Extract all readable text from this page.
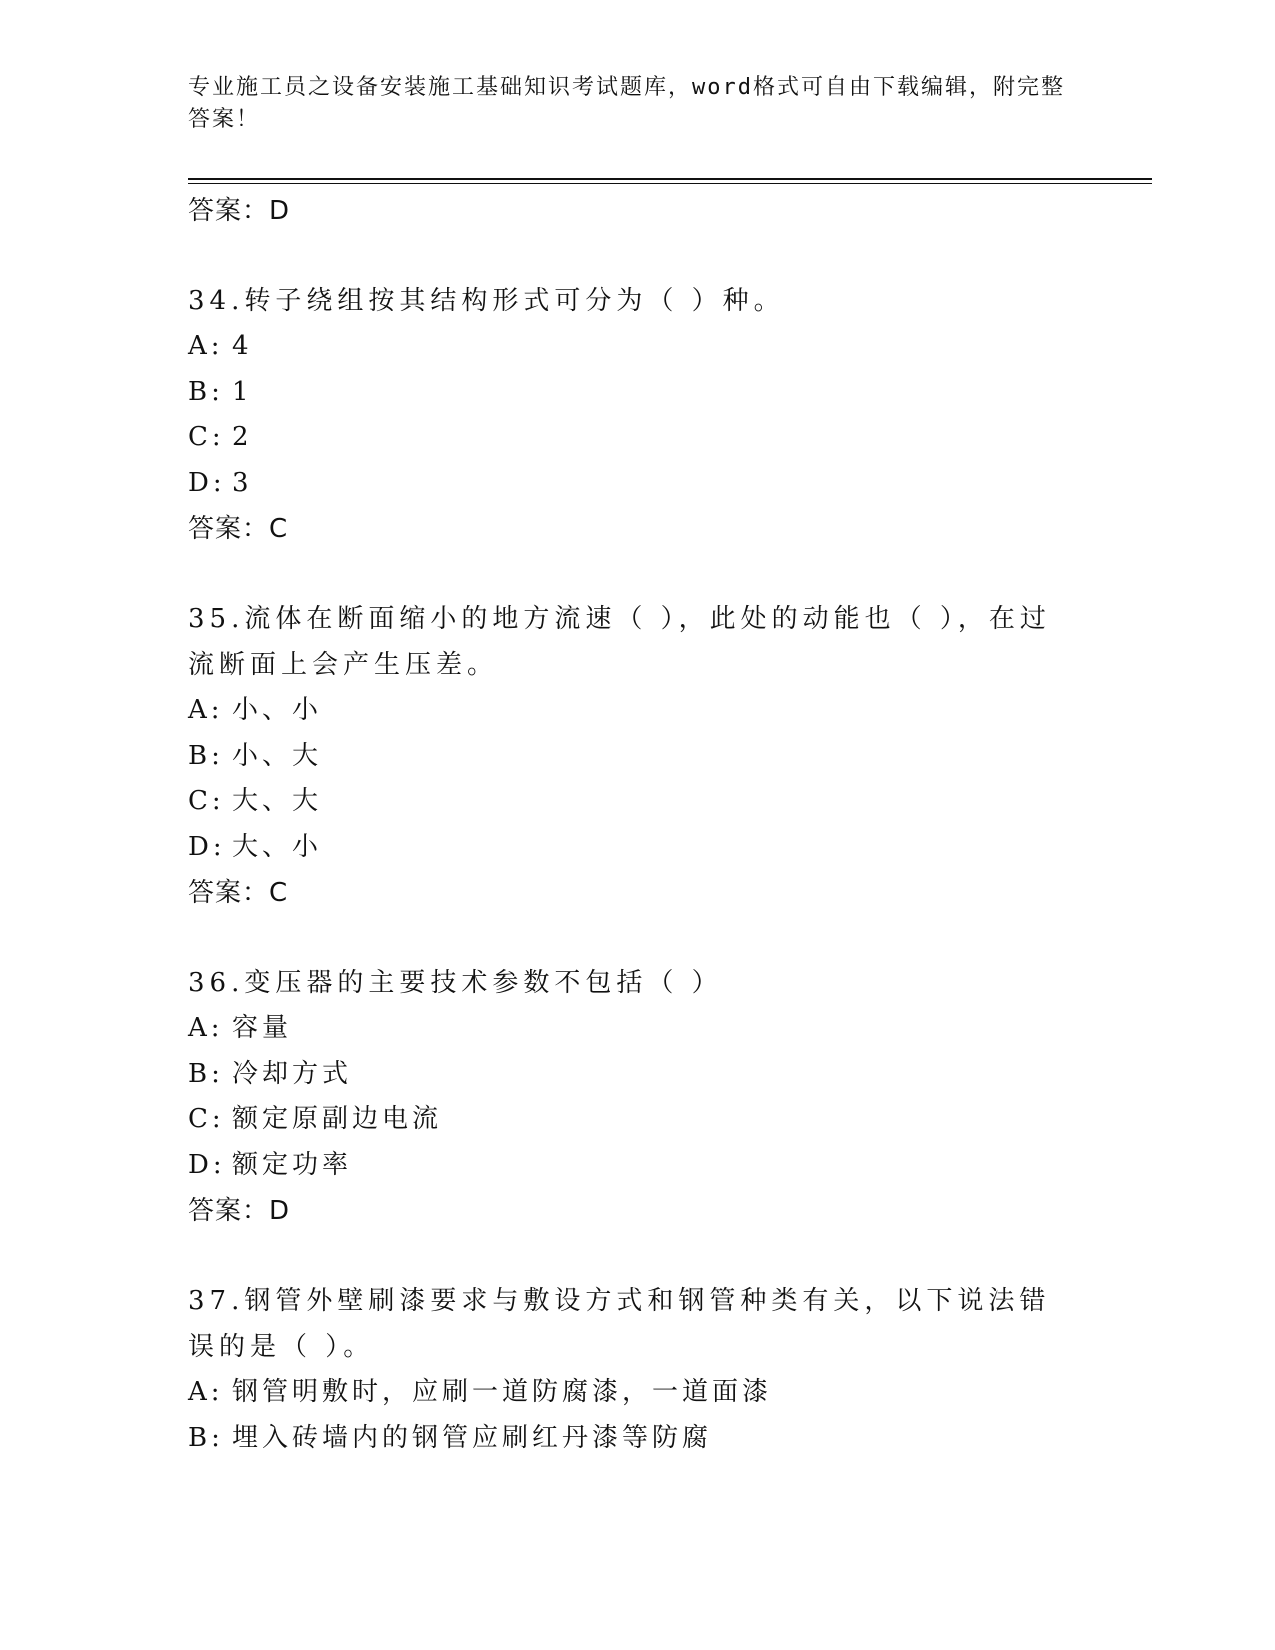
专业施工员之设备安装施工基础知识考试题库，word格式可自由下载编辑，附完整答案！
答案：D
34.转子绕组按其结构形式可分为（ ）种。
A: 4
B: 1
C: 2
D: 3
答案：C
35.流体在断面缩小的地方流速（ ），此处的动能也（ ），在过流断面上会产生压差。
A: 小、小
B: 小、大
C: 大、大
D: 大、小
答案：C
36.变压器的主要技术参数不包括（ ）
A: 容量
B: 冷却方式
C: 额定原副边电流
D: 额定功率
答案：D
37.钢管外壁刷漆要求与敷设方式和钢管种类有关，以下说法错误的是（ ）。
A: 钢管明敷时，应刷一道防腐漆，一道面漆
B: 埋入砖墙内的钢管应刷红丹漆等防腐
